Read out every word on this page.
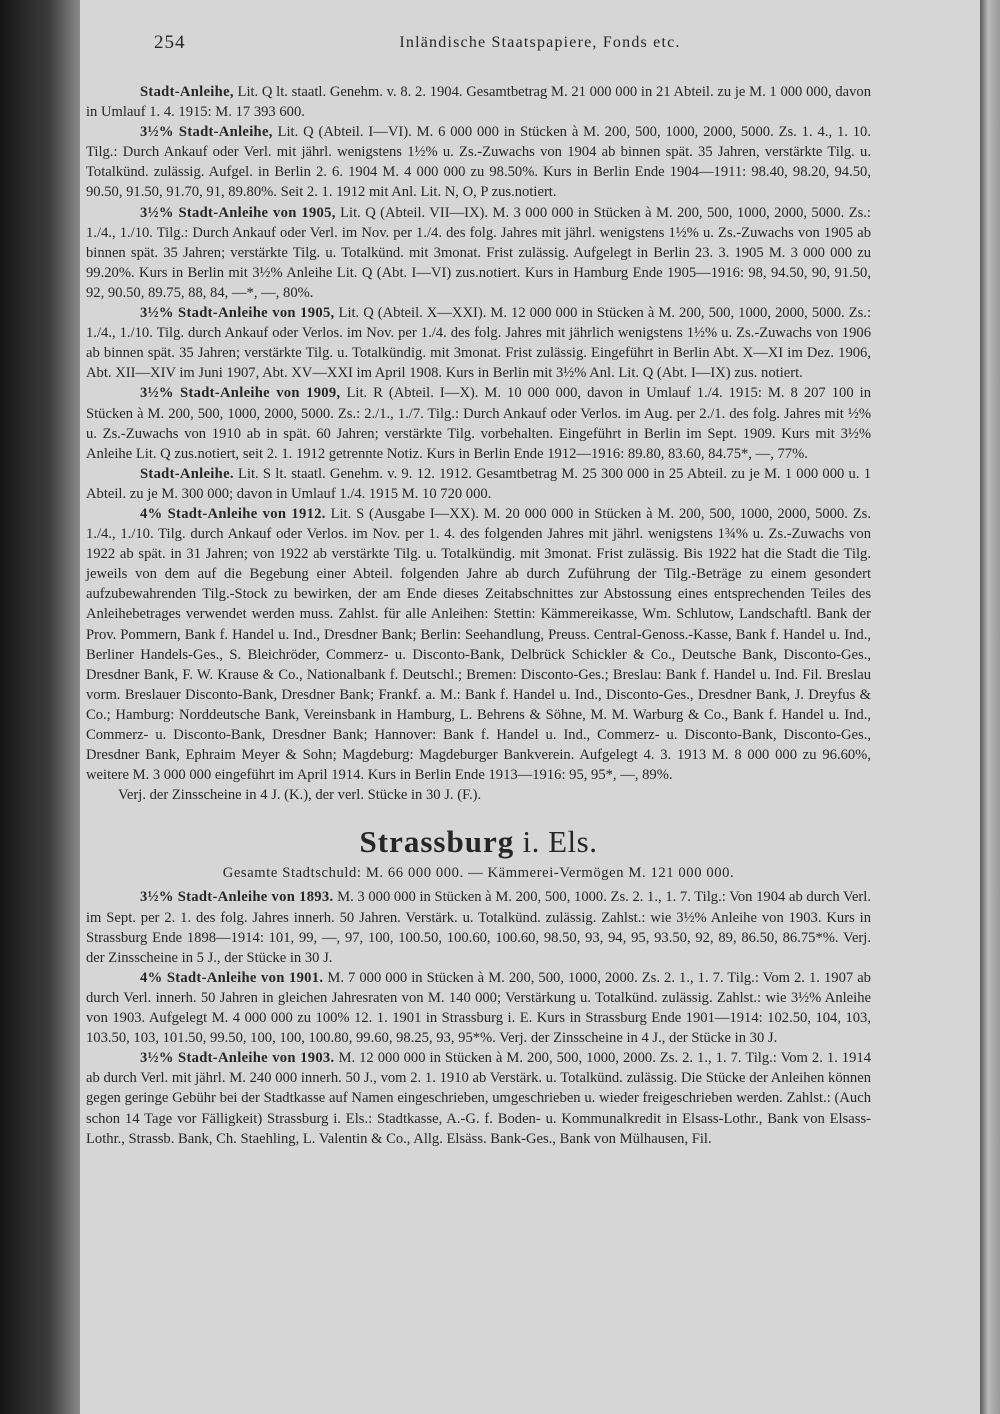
254	Inländische Staatspapiere, Fonds etc.

Stadt-Anleihe, Lit. Q lt. staatl. Genehm. v. 8. 2. 1904. Gesamtbetrag M. 21 000 000 in 21 Abteil. zu je M. 1 000 000, davon in Umlauf 1. 4. 1915: M. 17 393 600.

3½% Stadt-Anleihe, Lit. Q (Abteil. I—VI). M. 6 000 000 in Stücken à M. 200, 500, 1000, 2000, 5000. Zs. 1. 4., 1. 10. Tilg.: Durch Ankauf oder Verl. mit jährl. wenigstens 1½% u. Zs.-Zuwachs von 1904 ab binnen spät. 35 Jahren, verstärkte Tilg. u. Totalkünd. zulässig. Aufgel. in Berlin 2. 6. 1904 M. 4 000 000 zu 98.50%. Kurs in Berlin Ende 1904—1911: 98.40, 98.20, 94.50, 90.50, 91.50, 91.70, 91, 89.80%. Seit 2. 1. 1912 mit Anl. Lit. N, O, P zus.notiert.

3½% Stadt-Anleihe von 1905, Lit. Q (Abteil. VII—IX). M. 3 000 000 in Stücken à M. 200, 500, 1000, 2000, 5000. Zs.: 1./4., 1./10. Tilg.: Durch Ankauf oder Verl. im Nov. per 1./4. des folg. Jahres mit jährl. wenigstens 1½% u. Zs.-Zuwachs von 1905 ab binnen spät. 35 Jahren; verstärkte Tilg. u. Totalkünd. mit 3monat. Frist zulässig. Aufgelegt in Berlin 23. 3. 1905 M. 3 000 000 zu 99.20%. Kurs in Berlin mit 3½% Anleihe Lit. Q (Abt. I—VI) zus.notiert. Kurs in Hamburg Ende 1905—1916: 98, 94.50, 90, 91.50, 92, 90.50, 89.75, 88, 84, —*, —, 80%.

3½% Stadt-Anleihe von 1905, Lit. Q (Abteil. X—XXI). M. 12 000 000 in Stücken à M. 200, 500, 1000, 2000, 5000. Zs.: 1./4., 1./10. Tilg. durch Ankauf oder Verlos. im Nov. per 1./4. des folg. Jahres mit jährlich wenigstens 1½% u. Zs.-Zuwachs von 1906 ab binnen spät. 35 Jahren; verstärkte Tilg. u. Totalkündig. mit 3monat. Frist zulässig. Eingeführt in Berlin Abt. X—XI im Dez. 1906, Abt. XII—XIV im Juni 1907, Abt. XV—XXI im April 1908. Kurs in Berlin mit 3½% Anl. Lit. Q (Abt. I—IX) zus. notiert.

3½% Stadt-Anleihe von 1909, Lit. R (Abteil. I—X). M. 10 000 000, davon in Umlauf 1./4. 1915: M. 8 207 100 in Stücken à M. 200, 500, 1000, 2000, 5000. Zs.: 2./1., 1./7. Tilg.: Durch Ankauf oder Verlos. im Aug. per 2./1. des folg. Jahres mit ½% u. Zs.-Zuwachs von 1910 ab in spät. 60 Jahren; verstärkte Tilg. vorbehalten. Eingeführt in Berlin im Sept. 1909. Kurs mit 3½% Anleihe Lit. Q zus.notiert, seit 2. 1. 1912 getrennte Notiz. Kurs in Berlin Ende 1912—1916: 89.80, 83.60, 84.75*, —, 77%.

Stadt-Anleihe. Lit. S lt. staatl. Genehm. v. 9. 12. 1912. Gesamtbetrag M. 25 300 000 in 25 Abteil. zu je M. 1 000 000 u. 1 Abteil. zu je M. 300 000; davon in Umlauf 1./4. 1915 M. 10 720 000.

4% Stadt-Anleihe von 1912. Lit. S (Ausgabe I—XX). M. 20 000 000 in Stücken à M. 200, 500, 1000, 2000, 5000. Zs. 1./4., 1./10. Tilg. durch Ankauf oder Verlos. im Nov. per 1. 4. des folgenden Jahres mit jährl. wenigstens 1¾% u. Zs.-Zuwachs von 1922 ab spät. in 31 Jahren; von 1922 ab verstärkte Tilg. u. Totalkündig. mit 3monat. Frist zulässig. Bis 1922 hat die Stadt die Tilg. jeweils von dem auf die Begebung einer Abteil. folgenden Jahre ab durch Zuführung der Tilg.-Beträge zu einem gesondert aufzubewahrenden Tilg.-Stock zu bewirken, der am Ende dieses Zeitabschnittes zur Abstossung eines entsprechenden Teiles des Anleihebetrages verwendet werden muss. Zahlst. für alle Anleihen: Stettin: Kämmereikasse, Wm. Schlutow, Landschaftl. Bank der Prov. Pommern, Bank f. Handel u. Ind., Dresdner Bank; Berlin: Seehandlung, Preuss. Central-Genoss.-Kasse, Bank f. Handel u. Ind., Berliner Handels-Ges., S. Bleichröder, Commerz- u. Disconto-Bank, Delbrück Schickler & Co., Deutsche Bank, Disconto-Ges., Dresdner Bank, F. W. Krause & Co., Nationalbank f. Deutschl.; Bremen: Disconto-Ges.; Breslau: Bank f. Handel u. Ind. Fil. Breslau vorm. Breslauer Disconto-Bank, Dresdner Bank; Frankf. a. M.: Bank f. Handel u. Ind., Disconto-Ges., Dresdner Bank, J. Dreyfus & Co.; Hamburg: Norddeutsche Bank, Vereinsbank in Hamburg, L. Behrens & Söhne, M. M. Warburg & Co., Bank f. Handel u. Ind., Commerz- u. Disconto-Bank, Dresdner Bank; Hannover: Bank f. Handel u. Ind., Commerz- u. Disconto-Bank, Disconto-Ges., Dresdner Bank, Ephraim Meyer & Sohn; Magdeburg: Magdeburger Bankverein. Aufgelegt 4. 3. 1913 M. 8 000 000 zu 96.60%, weitere M. 3 000 000 eingeführt im April 1914. Kurs in Berlin Ende 1913—1916: 95, 95*, —, 89%.

Verj. der Zinsscheine in 4 J. (K.), der verl. Stücke in 30 J. (F.).

Strassburg i. Els.
Gesamte Stadtschuld: M. 66 000 000. — Kämmerei-Vermögen M. 121 000 000.

3½% Stadt-Anleihe von 1893. M. 3 000 000 in Stücken à M. 200, 500, 1000. Zs. 2. 1., 1. 7. Tilg.: Von 1904 ab durch Verl. im Sept. per 2. 1. des folg. Jahres innerh. 50 Jahren. Verstärk. u. Totalkünd. zulässig. Zahlst.: wie 3½% Anleihe von 1903. Kurs in Strassburg Ende 1898—1914: 101, 99, —, 97, 100, 100.50, 100.60, 100.60, 98.50, 93, 94, 95, 93.50, 92, 89, 86.50, 86.75*%. Verj. der Zinsscheine in 5 J., der Stücke in 30 J.

4% Stadt-Anleihe von 1901. M. 7 000 000 in Stücken à M. 200, 500, 1000, 2000. Zs. 2. 1., 1. 7. Tilg.: Vom 2. 1. 1907 ab durch Verl. innerh. 50 Jahren in gleichen Jahresraten von M. 140 000; Verstärkung u. Totalkünd. zulässig. Zahlst.: wie 3½% Anleihe von 1903. Aufgelegt M. 4 000 000 zu 100% 12. 1. 1901 in Strassburg i. E. Kurs in Strassburg Ende 1901—1914: 102.50, 104, 103, 103.50, 103, 101.50, 99.50, 100, 100, 100.80, 99.60, 98.25, 93, 95*%. Verj. der Zinsscheine in 4 J., der Stücke in 30 J.

3½% Stadt-Anleihe von 1903. M. 12 000 000 in Stücken à M. 200, 500, 1000, 2000. Zs. 2. 1., 1. 7. Tilg.: Vom 2. 1. 1914 ab durch Verl. mit jährl. M. 240 000 innerh. 50 J., vom 2. 1. 1910 ab Verstärk. u. Totalkünd. zulässig. Die Stücke der Anleihen können gegen geringe Gebühr bei der Stadtkasse auf Namen eingeschrieben, umgeschrieben u. wieder freigeschrieben werden. Zahlst.: (Auch schon 14 Tage vor Fälligkeit) Strassburg i. Els.: Stadtkasse, A.-G. f. Boden- u. Kommunalkredit in Elsass-Lothr., Bank von Elsass-Lothr., Strassb. Bank, Ch. Staehling, L. Valentin & Co., Allg. Elsäss. Bank-Ges., Bank von Mülhausen, Fil.
